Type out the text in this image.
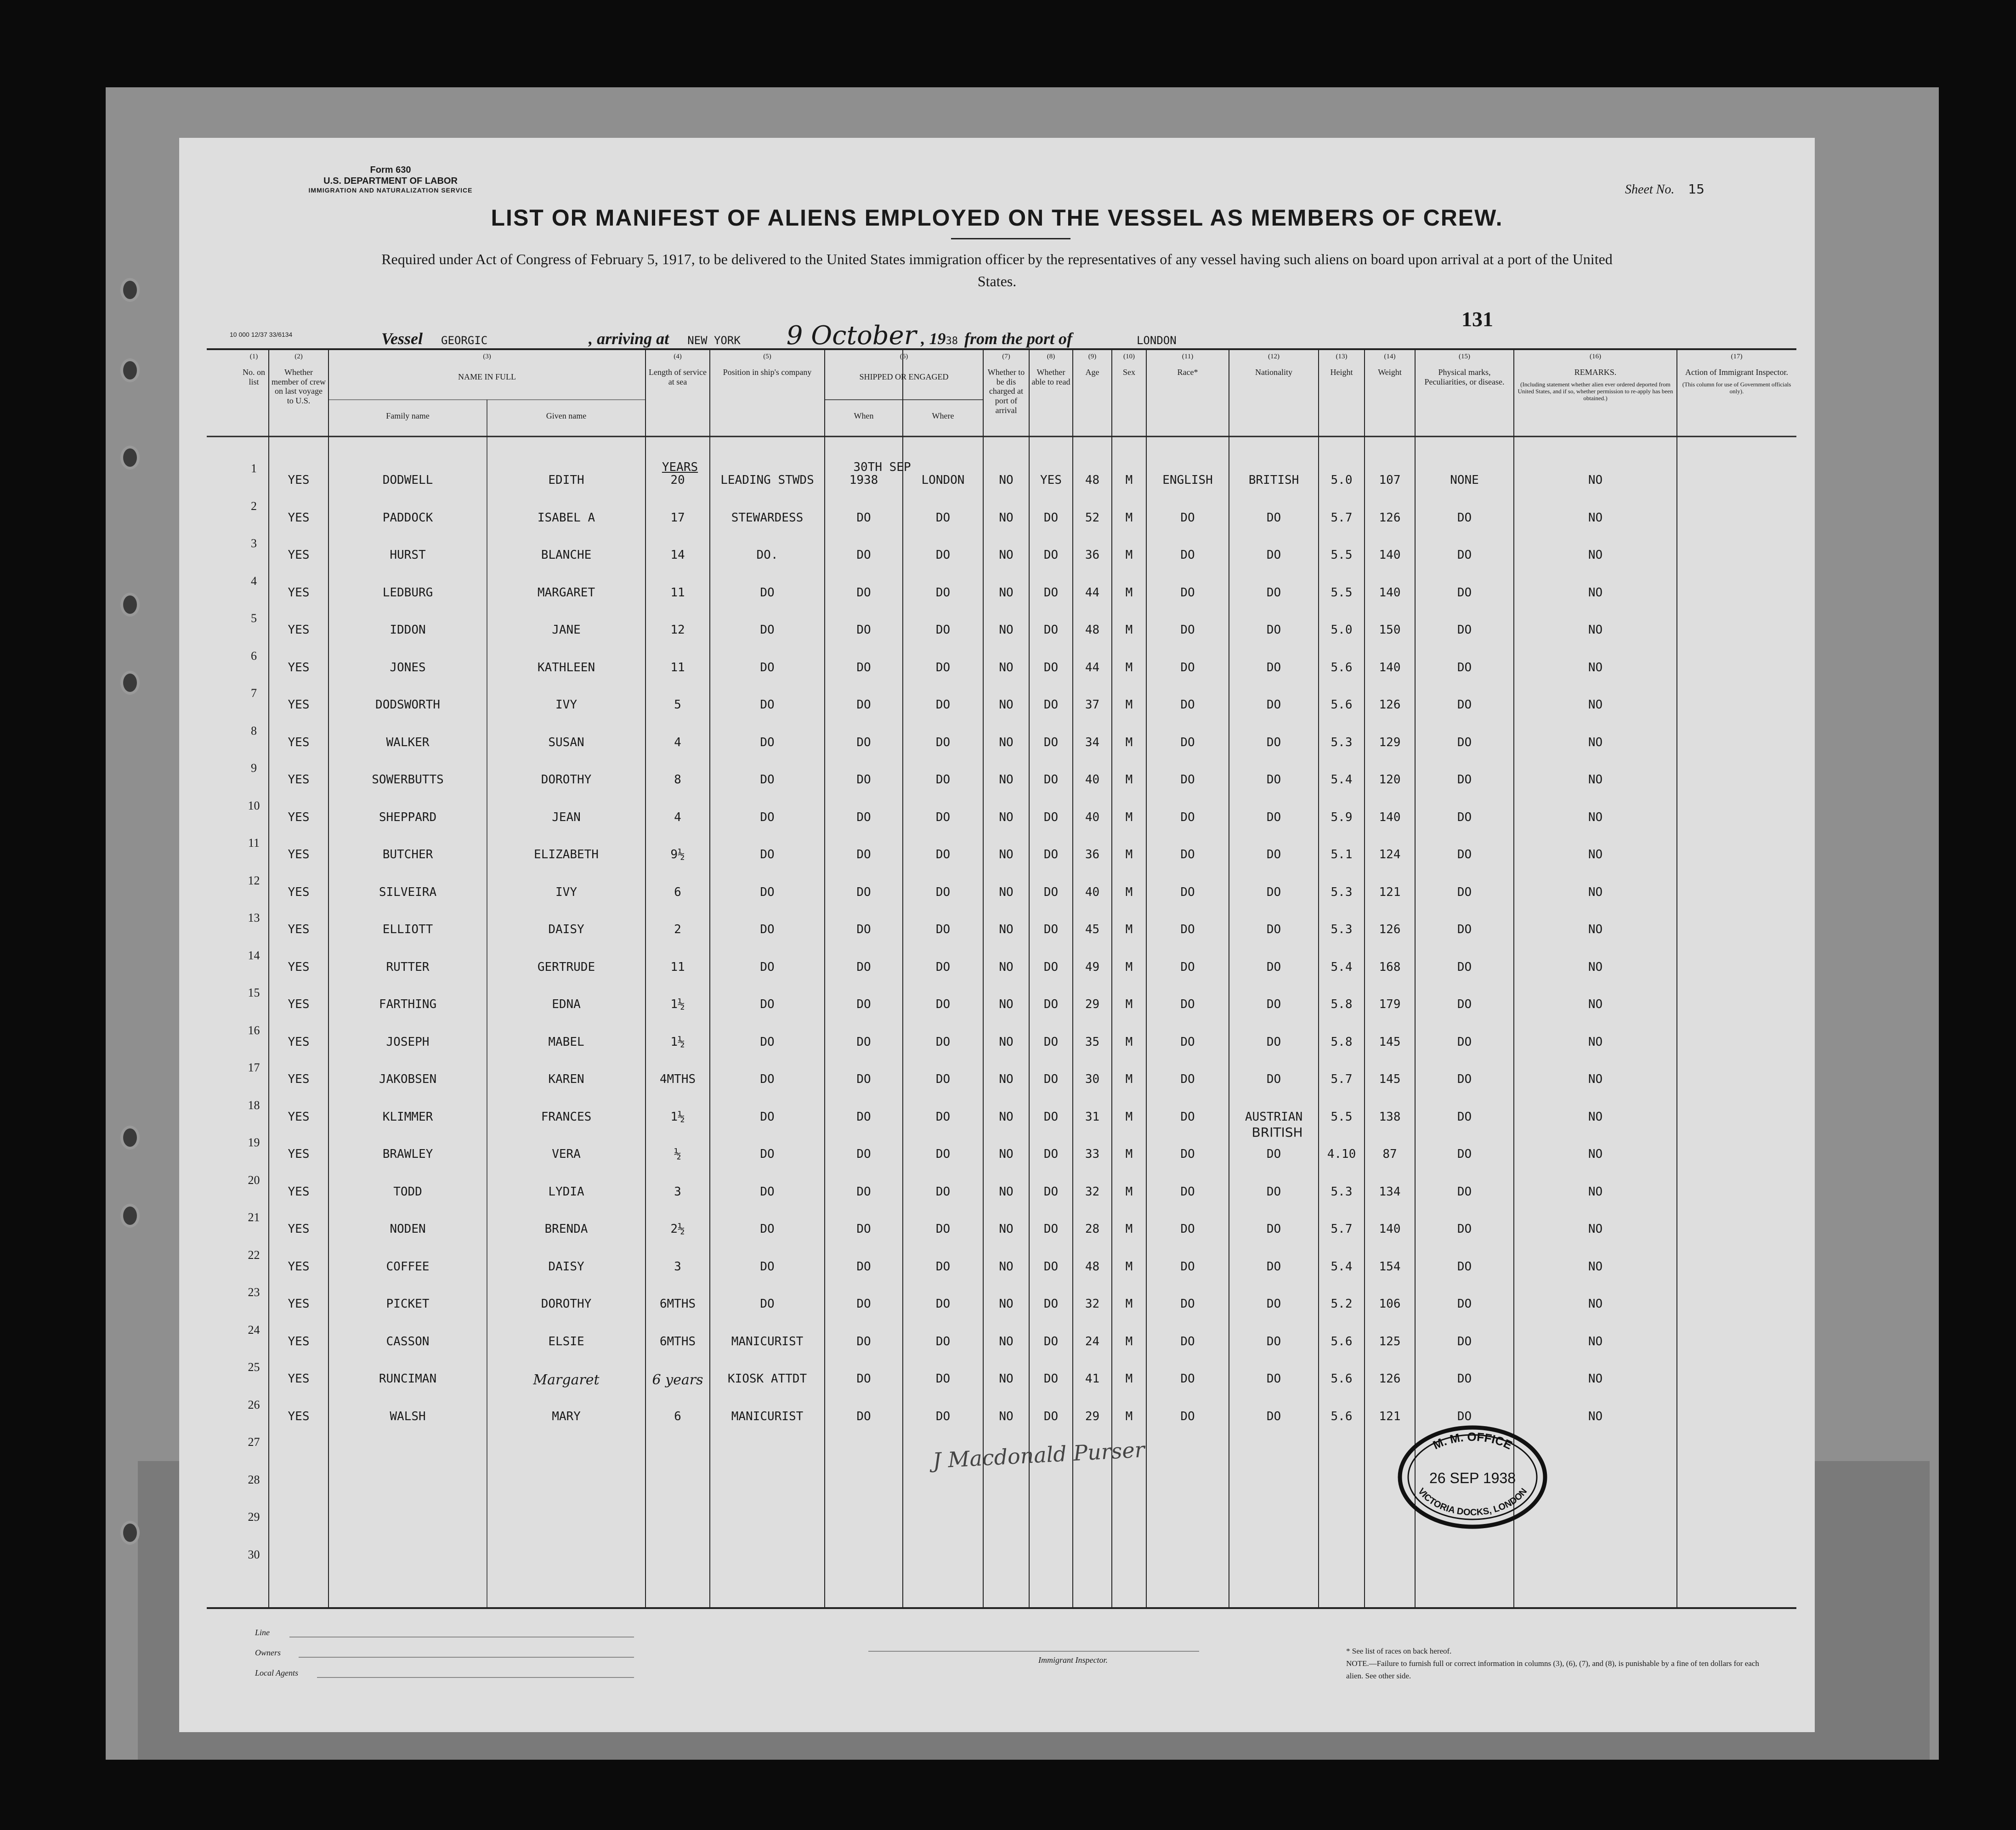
Form 630
U.S. DEPARTMENT OF LABOR
IMMIGRATION AND NATURALIZATION SERVICE	Sheet No. 15
LIST OR MANIFEST OF ALIENS EMPLOYED ON THE VESSEL AS MEMBERS OF CREW.
Required under Act of Congress of February 5, 1917, to be delivered to the United States immigration officer by the representatives of any vessel having such aliens on board upon arrival at a port of the United States.
Vessel GEORGIC	, arriving at NEW YORK 9 October , 19 38 from the port of	LONDON
131
10 000 12/37 33/6134
(1)
No. on list
(2)
Whether member of crew on last voyage to U.S.
(3)
NAME IN FULL
Family name	Given name
(4)
Length of service at sea
(5)
Position in ship's company
(6)
SHIPPED OR ENGAGED
When	Where
(7)
Whether to be dis charged at port of arrival
(8)
Whether able to read
(9)
Age
(10)
Sex
(11)
Race*
(12)
Nationality
(13)
Height
(14)
Weight
(15)
Physical marks, Peculiarities, or disease.
(16)
REMARKS.
(Including statement whether alien ever ordered deported from United States, and if so, whether permission to re-apply has been obtained.)
(17)
Action of Immigrant Inspector.
(This column for use of Government officials only).
1
YES	DODWELL	EDITH	20	LEADING STWDS	1938	LONDON	NO	YES	48	M	ENGLISH	BRITISH	5.0	107	NONE	NO
2
YES	PADDOCK	ISABEL A	17	STEWARDESS	DO	DO	NO	DO	52	M	DO	DO	5.7	126	DO	NO
3
YES	HURST	BLANCHE	14	DO.	DO	DO	NO	DO	36	M	DO	DO	5.5	140	DO	NO
4
YES	LEDBURG	MARGARET	11	DO	DO	DO	NO	DO	44	M	DO	DO	5.5	140	DO	NO
5
YES	IDDON	JANE	12	DO	DO	DO	NO	DO	48	M	DO	DO	5.0	150	DO	NO
6
YES	JONES	KATHLEEN	11	DO	DO	DO	NO	DO	44	M	DO	DO	5.6	140	DO	NO
7
YES	DODSWORTH	IVY	5	DO	DO	DO	NO	DO	37	M	DO	DO	5.6	126	DO	NO
8
YES	WALKER	SUSAN	4	DO	DO	DO	NO	DO	34	M	DO	DO	5.3	129	DO	NO
9
YES	SOWERBUTTS	DOROTHY	8	DO	DO	DO	NO	DO	40	M	DO	DO	5.4	120	DO	NO
10
YES	SHEPPARD	JEAN	4	DO	DO	DO	NO	DO	40	M	DO	DO	5.9	140	DO	NO
11
YES	BUTCHER	ELIZABETH	9½	DO	DO	DO	NO	DO	36	M	DO	DO	5.1	124	DO	NO
12
YES	SILVEIRA	IVY	6	DO	DO	DO	NO	DO	40	M	DO	DO	5.3	121	DO	NO
13
YES	ELLIOTT	DAISY	2	DO	DO	DO	NO	DO	45	M	DO	DO	5.3	126	DO	NO
14
YES	RUTTER	GERTRUDE	11	DO	DO	DO	NO	DO	49	M	DO	DO	5.4	168	DO	NO
15
YES	FARTHING	EDNA	1½	DO	DO	DO	NO	DO	29	M	DO	DO	5.8	179	DO	NO
16
YES	JOSEPH	MABEL	1½	DO	DO	DO	NO	DO	35	M	DO	DO	5.8	145	DO	NO
17
YES	JAKOBSEN	KAREN	4MTHS	DO	DO	DO	NO	DO	30	M	DO	DO	5.7	145	DO	NO
18
YES	KLIMMER	FRANCES	1½	DO	DO	DO	NO	DO	31	M	DO	AUSTRIAN	5.5	138	DO	NO
19
YES	BRAWLEY	VERA	½	DO	DO	DO	NO	DO	33	M	DO	DO	4.10	87	DO	NO
20
YES	TODD	LYDIA	3	DO	DO	DO	NO	DO	32	M	DO	DO	5.3	134	DO	NO
21
YES	NODEN	BRENDA	2½	DO	DO	DO	NO	DO	28	M	DO	DO	5.7	140	DO	NO
22
YES	COFFEE	DAISY	3	DO	DO	DO	NO	DO	48	M	DO	DO	5.4	154	DO	NO
23
YES	PICKET	DOROTHY	6MTHS	DO	DO	DO	NO	DO	32	M	DO	DO	5.2	106	DO	NO
24
YES	CASSON	ELSIE	6MTHS	MANICURIST	DO	DO	NO	DO	24	M	DO	DO	5.6	125	DO	NO
25
YES	RUNCIMAN	Margaret	6 years	KIOSK ATTDT	DO	DO	NO	DO	41	M	DO	DO	5.6	126	DO	NO
26
YES	WALSH	MARY	6	MANICURIST	DO	DO	NO	DO	29	M	DO	DO	5.6	121	DO	NO
27
28
29
30
YEARS	30TH SEP
BRITISH
J Macdonald Purser	M. M. OFFICE
26 SEP 1938
VICTORIA DOCKS, LONDON
Line
Owners
Local Agents
Immigrant Inspector.
* See list of races on back hereof.
NOTE.—Failure to furnish full or correct information in columns (3), (6), (7), and (8), is punishable by a fine of ten dollars for each alien. See other side.
